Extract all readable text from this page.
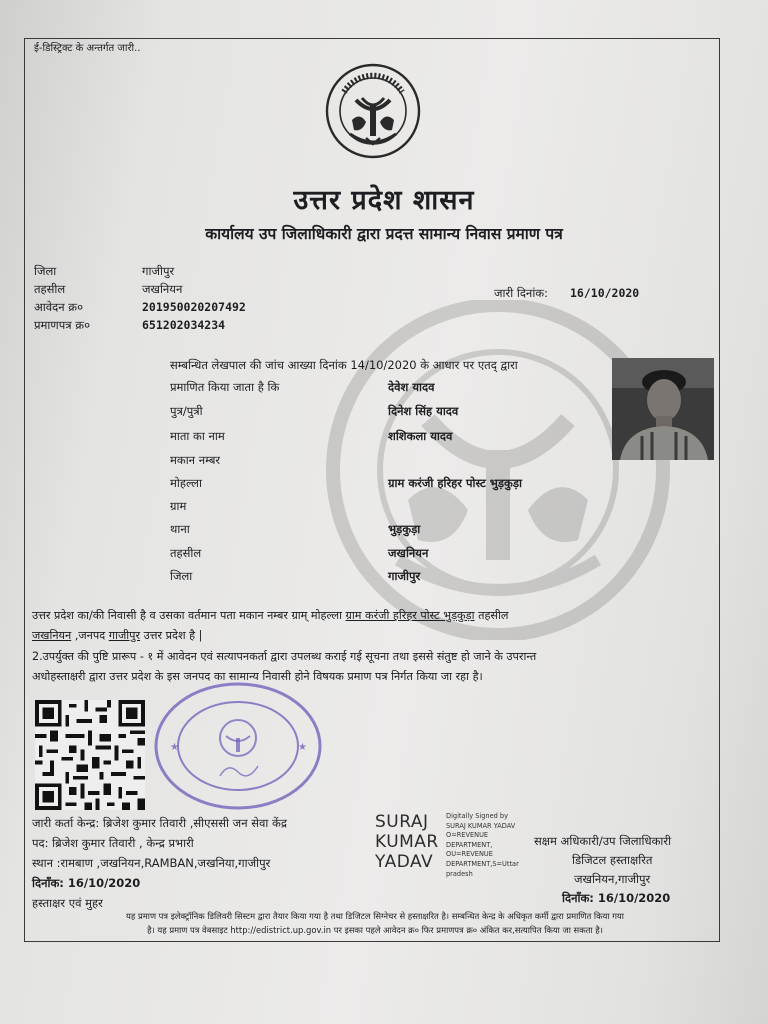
ई-डिस्ट्रिक्ट के अन्तर्गत जारी..
उत्तर प्रदेश शासन
कार्यालय उप जिलाधिकारी द्वारा प्रदत्त सामान्य निवास प्रमाण पत्र
जिला	गाजीपुर
तहसील	जखनियन
आवेदन क्र०	20195002020749​2
प्रमाणपत्र क्र०	651202034234
जारी दिनांक: 16/10/2020
सम्बन्धित लेखपाल की जांच आख्या दिनांक 14/10/2020 के आधार पर एतद् द्वारा
प्रमाणित किया जाता है कि	देवेश यादव
पुत्र/पुत्री	दिनेश सिंह यादव
माता का नाम	शशिकला यादव
मकान नम्बर
मोहल्ला	ग्राम करंजी हरिहर पोस्ट भुड़कुड़ा
ग्राम
थाना	भुड़कुड़ा
तहसील	जखनियन
जिला	गाजीपुर
उत्तर प्रदेश का/की निवासी है व उसका वर्तमान पता मकान नम्बर ग्राम् मोहल्ला ग्राम करंजी हरिहर पोस्ट भुड़कुड़ा तहसील
जखनियन ,जनपद गाजीपुर उत्तर प्रदेश है |
2.उपर्युक्त की पुष्टि प्रारूप - १ में आवेदन एवं सत्यापनकर्ता द्वारा उपलब्ध कराई गई सूचना तथा इससे संतुष्ट हो जाने के उपरान्त
अधोहस्ताक्षरी द्वारा उत्तर प्रदेश के इस जनपद का सामान्य निवासी होने विषयक प्रमाण पत्र निर्गत किया जा रहा है।
★	★
जारी कर्ता केन्द्र: ब्रिजेश कुमार तिवारी ,सीएससी जन सेवा केंद्र
पद: ब्रिजेश कुमार तिवारी , केन्द्र प्रभारी
स्थान :रामबाण ,जखनियन,RAMBAN,जखनिया,गाजीपुर
दिनाँक: 16/10/2020
हस्ताक्षर एवं मुहर
SURAJ
KUMAR
YADAV
Digitally Signed by
SURAJ KUMAR YADAV
O=REVENUE
DEPARTMENT,
OU=REVENUE
DEPARTMENT,S=Uttar
pradesh
सक्षम अधिकारी/उप जिलाधिकारी
डिजिटल हस्ताक्षरित
जखनियन,गाजीपुर
दिनाँक: 16/10/2020
यह प्रमाण पत्र इलेक्ट्रॉनिक डिलिवरी सिस्टम द्वारा तैयार किया गया है तथा डिजिटल सिग्नेचर से हस्ताक्षरित है। सम्बन्धित केन्द्र के अधिकृत कर्मी द्वारा प्रमाणित किया गया
है। यह प्रमाण पत्र वेबसाइट http://edistrict.up.gov.in पर इसका पहले आवेदन क्र० फिर प्रमाणपत्र क्र० अंकित कर,सत्यापित किया जा सकता है।
